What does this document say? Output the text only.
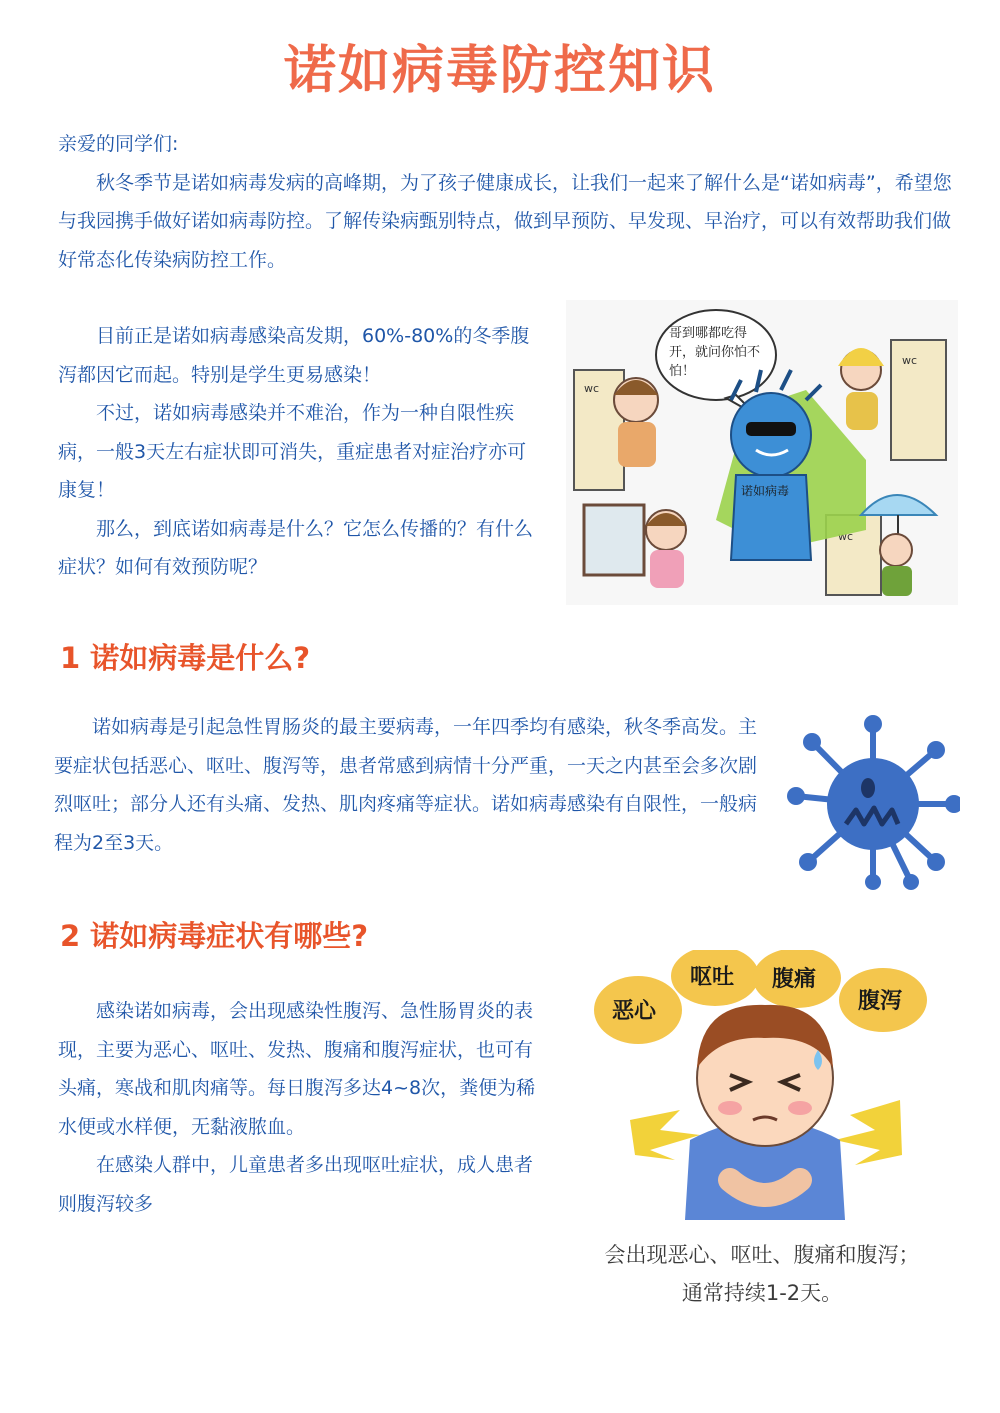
诺如病毒防控知识

亲爱的同学们:

秋冬季节是诺如病毒发病的高峰期，为了孩子健康成长，让我们一起来了解什么是“诺如病毒”，希望您与我园携手做好诺如病毒防控。了解传染病甄别特点，做到早预防、早发现、早治疗，可以有效帮助我们做好常态化传染病防控工作。

目前正是诺如病毒感染高发期，60%-80%的冬季腹泻都因它而起。特别是学生更易感染！

不过，诺如病毒感染并不难治，作为一种自限性疾病，一般3天左右症状即可消失，重症患者对症治疗亦可康复！

那么，到底诺如病毒是什么？它怎么传播的？有什么症状？如何有效预防呢？

wc
wc
wc
哥到哪都吃得开，就问你怕不怕！
诺如病毒
1 诺如病毒是什么?

诺如病毒是引起急性胃肠炎的最主要病毒，一年四季均有感染，秋冬季高发。主要症状包括恶心、呕吐、腹泻等，患者常感到病情十分严重，一天之内甚至会多次剧烈呕吐；部分人还有头痛、发热、肌肉疼痛等症状。诺如病毒感染有自限性，一般病程为2至3天。

2 诺如病毒症状有哪些?

感染诺如病毒，会出现感染性腹泻、急性肠胃炎的表现，主要为恶心、呕吐、发热、腹痛和腹泻症状，也可有头痛，寒战和肌肉痛等。每日腹泻多达4~8次，粪便为稀水便或水样便，无黏液脓血。

在感染人群中，儿童患者多出现呕吐症状，成人患者则腹泻较多

恶心
呕吐 腹痛
腹泻
会出现恶心、呕吐、腹痛和腹泻；
通常持续1-2天。
